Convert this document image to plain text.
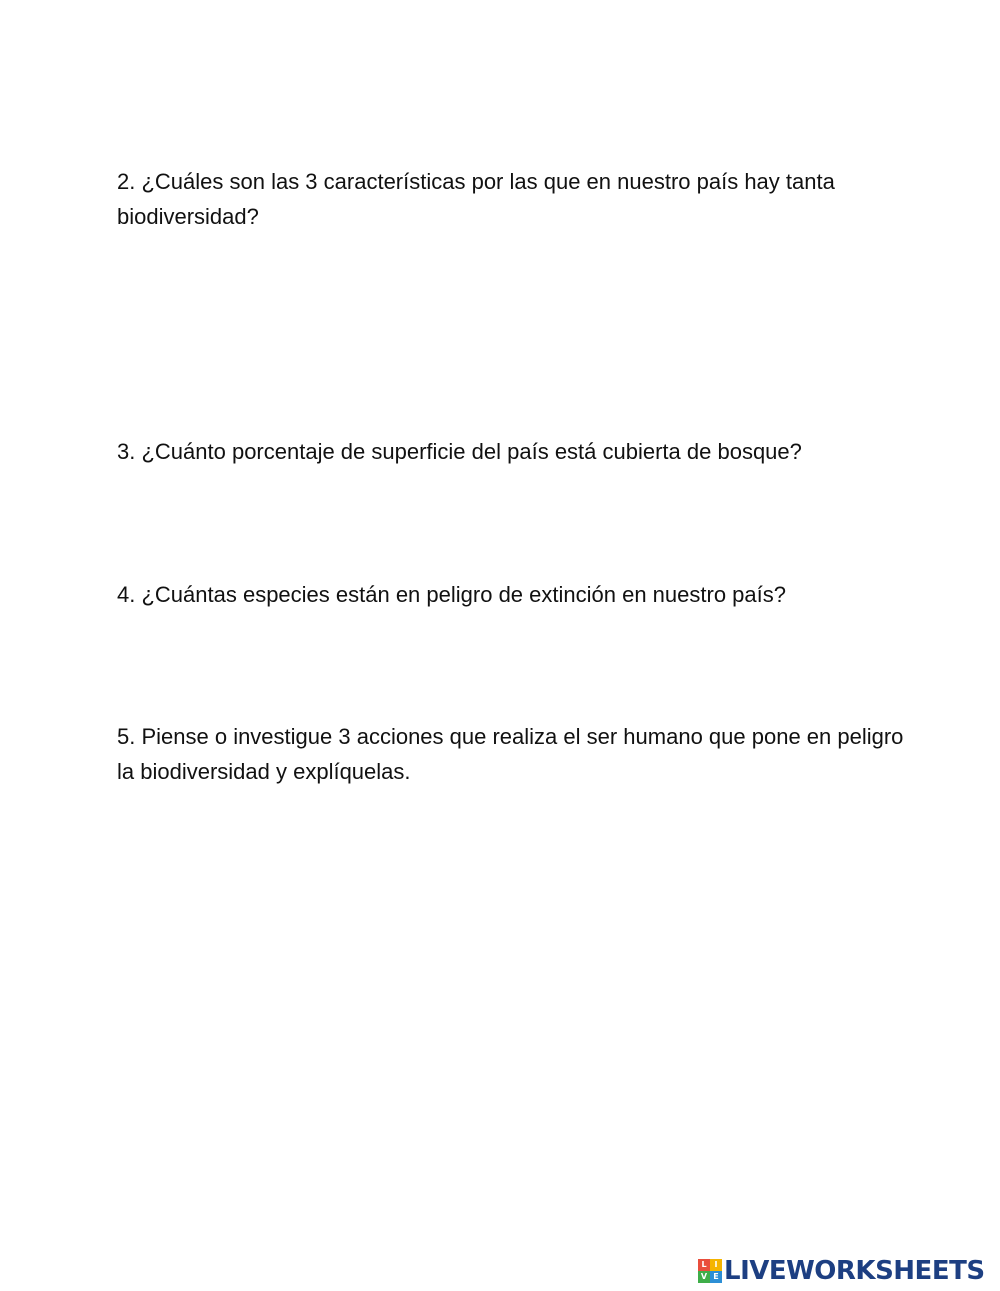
2. ¿Cuáles son las 3 características por las que en nuestro país hay tanta biodiversidad?
3. ¿Cuánto porcentaje de superficie del país está cubierta de bosque?
4. ¿Cuántas especies están en peligro de extinción en nuestro país?
5. Piense o investigue 3 acciones que realiza el ser humano que pone en peligro la biodiversidad y explíquelas.
L I
V E LIVEWORKSHEETS
